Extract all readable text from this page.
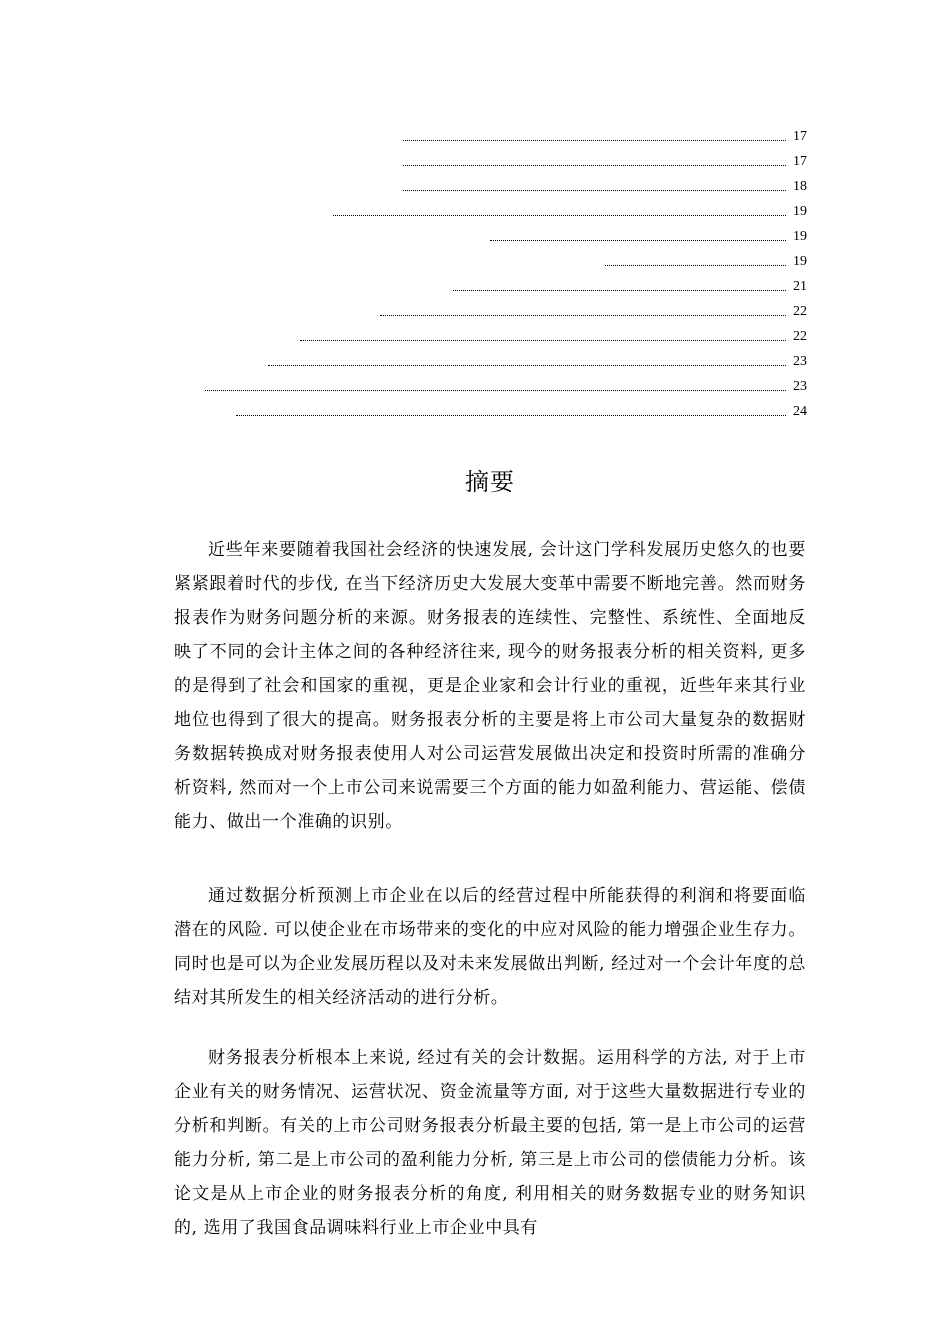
17
17
18
19
19
19
21
22
22
23
23
24
摘要

近些年来要随着我国社会经济的快速发展, 会计这门学科发展历史悠久的也要紧紧跟着时代的步伐, 在当下经济历史大发展大变革中需要不断地完善。然而财务报表作为财务问题分析的来源。财务报表的连续性、完整性、系统性、全面地反映了不同的会计主体之间的各种经济往来, 现今的财务报表分析的相关资料, 更多的是得到了社会和国家的重视，更是企业家和会计行业的重视，近些年来其行业地位也得到了很大的提高。财务报表分析的主要是将上市公司大量复杂的数据财务数据转换成对财务报表使用人对公司运营发展做出决定和投资时所需的准确分析资料, 然而对一个上市公司来说需要三个方面的能力如盈利能力、营运能、偿债能力、做出一个准确的识别。

通过数据分析预测上市企业在以后的经营过程中所能获得的利润和将要面临潜在的风险. 可以使企业在市场带来的变化的中应对风险的能力增强企业生存力。同时也是可以为企业发展历程以及对未来发展做出判断, 经过对一个会计年度的总结对其所发生的相关经济活动的进行分析。

财务报表分析根本上来说, 经过有关的会计数据。运用科学的方法, 对于上市企业有关的财务情况、运营状况、资金流量等方面, 对于这些大量数据进行专业的分析和判断。有关的上市公司财务报表分析最主要的包括, 第一是上市公司的运营能力分析, 第二是上市公司的盈利能力分析, 第三是上市公司的偿债能力分析。该论文是从上市企业的财务报表分析的角度, 利用相关的财务数据专业的财务知识的, 选用了我国食品调味料行业上市企业中具有
